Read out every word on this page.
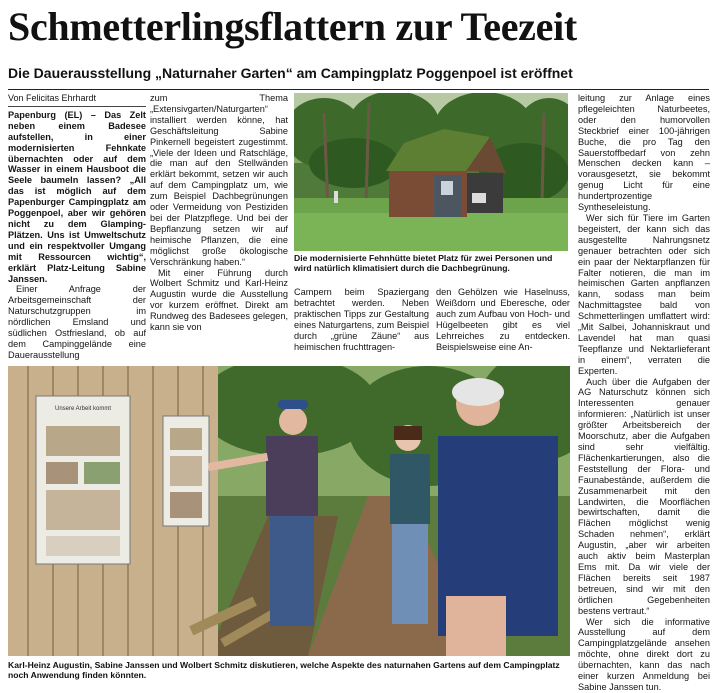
Schmetterlingsflattern zur Teezeit
Die Dauerausstellung „Naturnaher Garten“ am Campingplatz Poggenpoel ist eröffnet

Von Felicitas Ehrhardt

Papenburg (EL) – Das Zelt neben einem Badesee aufstellen, in einer modernisierten Fehnkate übernachten oder auf dem Wasser in einem Hausboot die Seele baumeln lassen? „All das ist möglich auf dem Papenburger Campingplatz am Poggenpoel, aber wir gehören nicht zu dem Glamping-Plätzen. Uns ist Umweltschutz und ein respektvoller Umgang mit Ressourcen wichtig“, erklärt Platz-Leitung Sabine Janssen.

Einer Anfrage der Arbeitsgemeinschaft der Naturschutzgruppen im nördlichen Emsland und südlichen Ostfriesland, ob auf dem Campinggelände eine Dauerausstellung

zum Thema „Extensivgarten/Naturgarten“ installiert werden könne, hat Geschäftsleitung Sabine Pinkernell begeistert zugestimmt. „Viele der Ideen und Ratschläge, die man auf den Stellwänden erklärt bekommt, setzen wir auch auf dem Campingplatz um, wie zum Beispiel Dachbegrünungen oder Vermeidung von Pestiziden bei der Platzpflege. Und bei der Bepflanzung setzen wir auf heimische Pflanzen, die eine möglichst große ökologische Verschränkung haben.“

Mit einer Führung durch Wolbert Schmitz und Karl-Heinz Augustin wurde die Ausstellung vor kurzem eröffnet. Direkt am Rundweg des Badesees gelegen, kann sie von

Die modernisierte Fehnhütte bietet Platz für zwei Personen und wird natürlich klimatisiert durch die Dachbegrünung.

Campern beim Spaziergang betrachtet werden. Neben praktischen Tipps zur Gestaltung eines Naturgartens, zum Beispiel durch „grüne Zäune“ aus heimischen fruchttragen-

den Gehölzen wie Haselnuss, Weißdorn und Eberesche, oder auch zum Aufbau von Hoch- und Hügelbeeten gibt es viel Lehrreiches zu entdecken. Beispielsweise eine An-

leitung zur Anlage eines pflegeleichten Naturbeetes, oder den humorvollen Steckbrief einer 100-jährigen Buche, die pro Tag den Sauerstoffbedarf von zehn Menschen decken kann – vorausgesetzt, sie bekommt genug Licht für eine hundertprozentige Syntheseleistung.

Wer sich für Tiere im Garten begeistert, der kann sich das ausgestellte Nahrungsnetz genauer betrachten oder sich ein paar der Nektarpflanzen für Falter notieren, die man im heimischen Garten anpflanzen kann, sodass man beim Nachmittagstee bald von Schmetterlingen umflattert wird: „Mit Salbei, Johanniskraut und Lavendel hat man quasi Teepflanze und Nektarlieferant in einem“, verraten die Experten.

Auch über die Aufgaben der AG Naturschutz können sich Interessenten genauer informieren: „Natürlich ist unser größter Arbeitsbereich der Moorschutz, aber die Aufgaben sind sehr vielfältig. Flächenkartierungen, also die Feststellung der Flora- und Faunabestände, außerdem die Zusammenarbeit mit den Landwirten, die Moorflächen bewirtschaften, damit die Flächen möglichst wenig Schaden nehmen“, erklärt Augustin, „aber wir arbeiten auch aktiv beim Masterplan Ems mit. Da wir viele der Flächen bereits seit 1987 betreuen, sind wir mit den örtlichen Gegebenheiten bestens vertraut.“

Wer sich die informative Ausstellung auf dem Campingplatzgelände ansehen möchte, ohne direkt dort zu übernachten, kann das nach einer kurzen Anmeldung bei Sabine Janssen tun.

Unsere Arbeit kommt
Karl-Heinz Augustin, Sabine Janssen und Wolbert Schmitz diskutieren, welche Aspekte des naturnahen Gartens auf dem Campingplatz noch Anwendung finden könnten.
